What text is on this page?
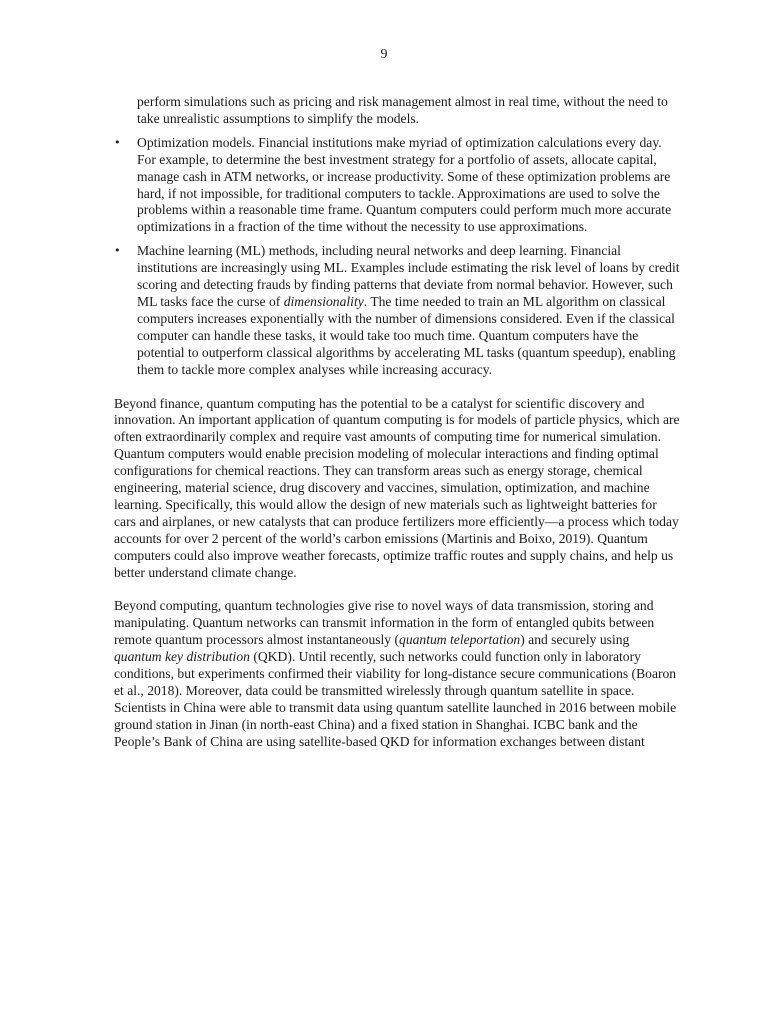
9

perform simulations such as pricing and risk management almost in real time, without the need to take unrealistic assumptions to simplify the models.

•	Optimization models. Financial institutions make myriad of optimization calculations every day. For example, to determine the best investment strategy for a portfolio of assets, allocate capital, manage cash in ATM networks, or increase productivity. Some of these optimization problems are hard, if not impossible, for traditional computers to tackle. Approximations are used to solve the problems within a reasonable time frame. Quantum computers could perform much more accurate optimizations in a fraction of the time without the necessity to use approximations.
•	Machine learning (ML) methods, including neural networks and deep learning. Financial institutions are increasingly using ML. Examples include estimating the risk level of loans by credit scoring and detecting frauds by finding patterns that deviate from normal behavior. However, such ML tasks face the curse of dimensionality. The time needed to train an ML algorithm on classical computers increases exponentially with the number of dimensions considered. Even if the classical computer can handle these tasks, it would take too much time. Quantum computers have the potential to outperform classical algorithms by accelerating ML tasks (quantum speedup), enabling them to tackle more complex analyses while increasing accuracy.

Beyond finance, quantum computing has the potential to be a catalyst for scientific discovery and innovation. An important application of quantum computing is for models of particle physics, which are often extraordinarily complex and require vast amounts of computing time for numerical simulation. Quantum computers would enable precision modeling of molecular interactions and finding optimal configurations for chemical reactions. They can transform areas such as energy storage, chemical engineering, material science, drug discovery and vaccines, simulation, optimization, and machine learning. Specifically, this would allow the design of new materials such as lightweight batteries for cars and airplanes, or new catalysts that can produce fertilizers more efficiently—a process which today accounts for over 2 percent of the world’s carbon emissions (Martinis and Boixo, 2019). Quantum computers could also improve weather forecasts, optimize traffic routes and supply chains, and help us better understand climate change.

Beyond computing, quantum technologies give rise to novel ways of data transmission, storing and manipulating. Quantum networks can transmit information in the form of entangled qubits between remote quantum processors almost instantaneously (quantum teleportation) and securely using quantum key distribution (QKD). Until recently, such networks could function only in laboratory conditions, but experiments confirmed their viability for long-distance secure communications (Boaron et al., 2018). Moreover, data could be transmitted wirelessly through quantum satellite in space. Scientists in China were able to transmit data using quantum satellite launched in 2016 between mobile ground station in Jinan (in north-east China) and a fixed station in Shanghai. ICBC bank and the People’s Bank of China are using satellite-based QKD for information exchanges between distant
